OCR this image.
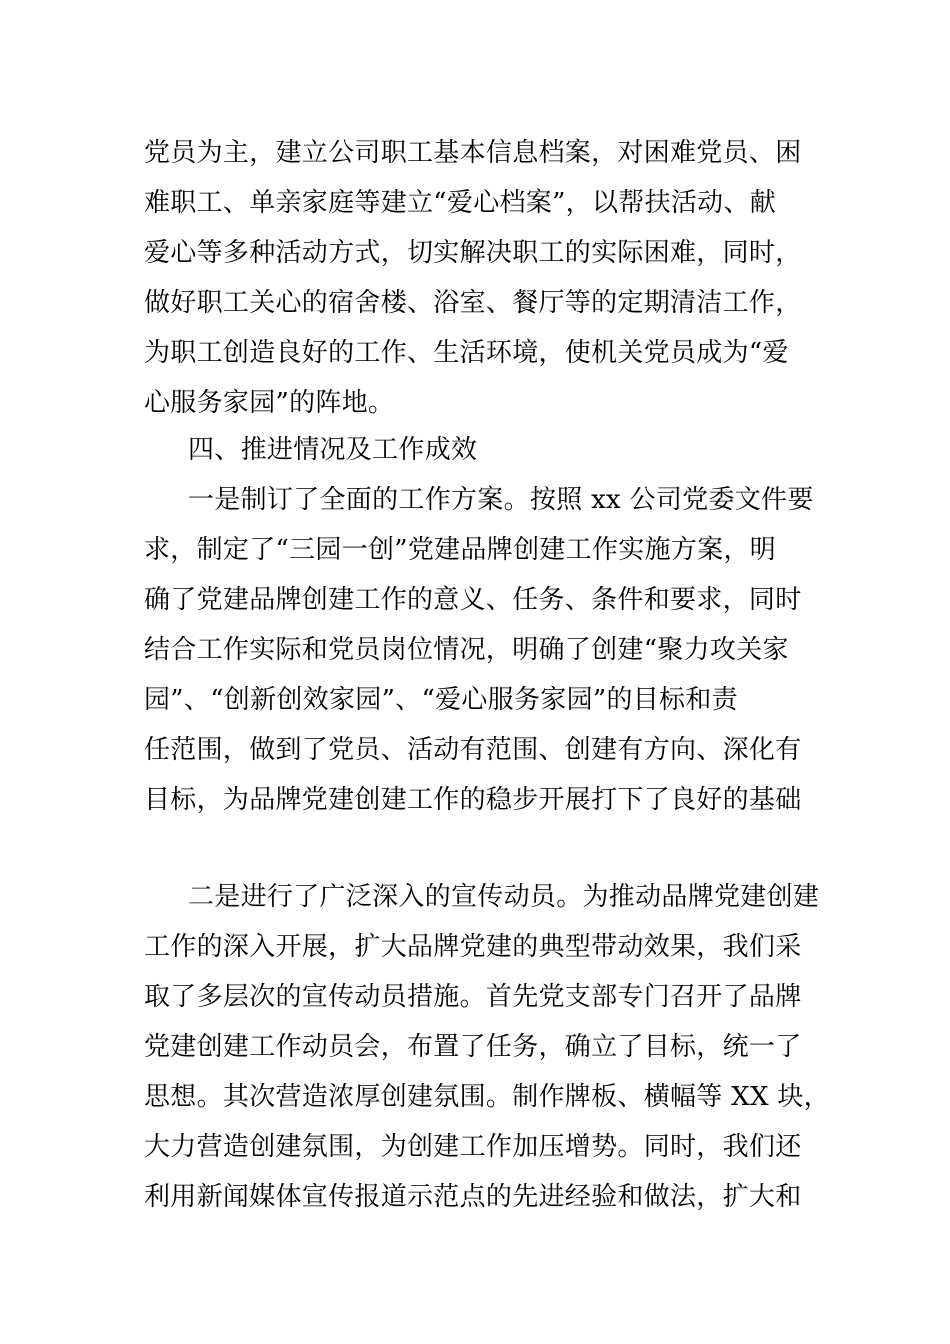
党员为主，建立公司职工基本信息档案，对困难党员、困
难职工、单亲家庭等建立“爱心档案”，以帮扶活动、献
爱心等多种活动方式，切实解决职工的实际困难，同时，
做好职工关心的宿舍楼、浴室、餐厅等的定期清洁工作，
为职工创造良好的工作、生活环境，使机关党员成为“爱
心服务家园”的阵地。
四、推进情况及工作成效
一是制订了全面的工作方案。按照 xx 公司党委文件要
求，制定了“三园一创”党建品牌创建工作实施方案，明
确了党建品牌创建工作的意义、任务、条件和要求，同时
结合工作实际和党员岗位情况，明确了创建“聚力攻关家
园”、“创新创效家园”、“爱心服务家园”的目标和责
任范围，做到了党员、活动有范围、创建有方向、深化有
目标，为品牌党建创建工作的稳步开展打下了良好的基础
二是进行了广泛深入的宣传动员。为推动品牌党建创建
工作的深入开展，扩大品牌党建的典型带动效果，我们采
取了多层次的宣传动员措施。首先党支部专门召开了品牌
党建创建工作动员会，布置了任务，确立了目标，统一了
思想。其次营造浓厚创建氛围。制作牌板、横幅等 XX 块，
大力营造创建氛围，为创建工作加压增势。同时，我们还
利用新闻媒体宣传报道示范点的先进经验和做法，扩大和
